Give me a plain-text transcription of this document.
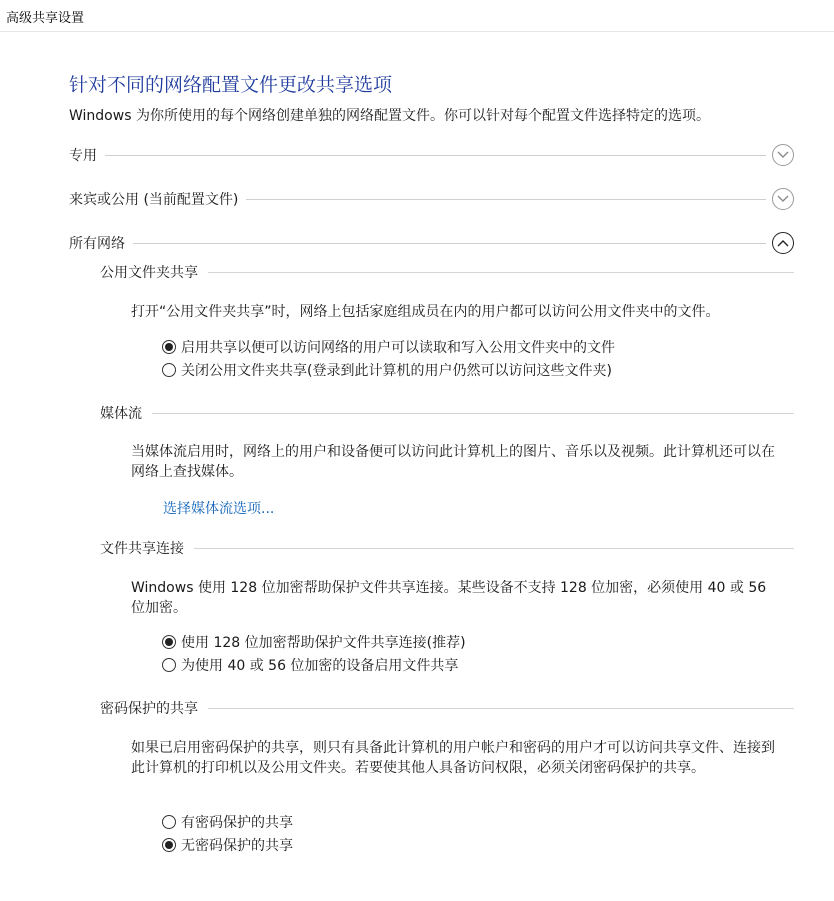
高级共享设置
针对不同的网络配置文件更改共享选项
Windows 为你所使用的每个网络创建单独的网络配置文件。你可以针对每个配置文件选择特定的选项。
专用
来宾或公用 (当前配置文件)
所有网络
公用文件夹共享
打开“公用文件夹共享”时，网络上包括家庭组成员在内的用户都可以访问公用文件夹中的文件。
启用共享以便可以访问网络的用户可以读取和写入公用文件夹中的文件
关闭公用文件夹共享(登录到此计算机的用户仍然可以访问这些文件夹)
媒体流
当媒体流启用时，网络上的用户和设备便可以访问此计算机上的图片、音乐以及视频。此计算机还可以在网络上查找媒体。
选择媒体流选项...
文件共享连接
Windows 使用 128 位加密帮助保护文件共享连接。某些设备不支持 128 位加密，必须使用 40 或 56 位加密。
使用 128 位加密帮助保护文件共享连接(推荐)
为使用 40 或 56 位加密的设备启用文件共享
密码保护的共享
如果已启用密码保护的共享，则只有具备此计算机的用户帐户和密码的用户才可以访问共享文件、连接到此计算机的打印机以及公用文件夹。若要使其他人具备访问权限，必须关闭密码保护的共享。
有密码保护的共享
无密码保护的共享
